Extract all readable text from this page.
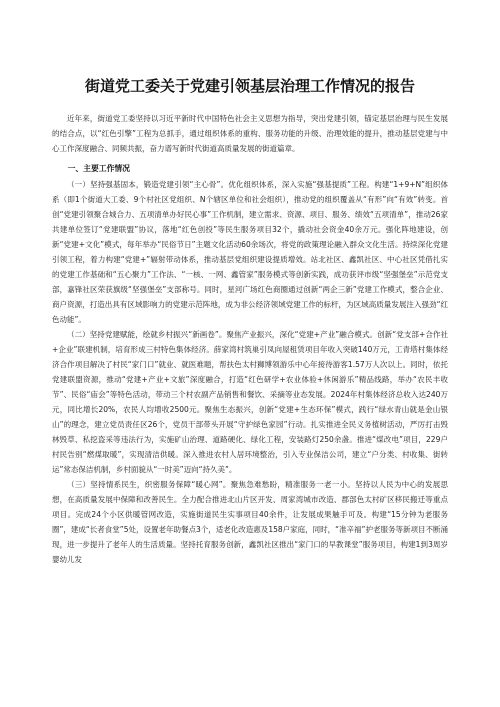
街道党工委关于党建引领基层治理工作情况的报告

近年来，街道党工委坚持以习近平新时代中国特色社会主义思想为指导，突出党建引领，锚定基层治理与民生发展的结合点，以“红色引擎”工程为总抓手，通过组织体系的重构、服务功能的升级、治理效能的提升，推动基层党建与中心工作深度融合、同频共振，奋力谱写新时代街道高质量发展的街道篇章。

一、主要工作情况

（一）坚持强基固本，锻造党建引领“主心骨”。优化组织体系，深入实施“强基提质”工程。构建“1+9+N”组织体系（即1个街道大工委、9个村社区党组织、N个辖区单位和社会组织），推动党的组织覆盖从“有形”向“有效”转变。首创“党建引领聚合城合力、五项清单办好民心事”工作机制，建立需求、资源、项目、服务、绩效“五项清单”，推动26家共建单位签订“党建联盟”协议，落地“红色创投”等民生服务项目32个，撬动社会资金40余万元。强化阵地建设，创新“党建+文化”模式，每年举办“民俗节日”主题文化活动60余场次，将党的政策理论融入群众文化生活。持续深化党建引领工程，着力构建“党建+”辐射带动体系，推动基层党组织建设提质增效。站北社区、鑫凯社区、中心社区凭借扎实的党建工作基础和“五心聚力”工作法、“一核、一网、鑫管家”服务模式等创新实践，成功获评市级“坚强堡垒”示范党支部，嘉锋社区荣获旗级“坚强堡垒”支部称号。同时，星河广场红色商圈通过创新“两企三新”党建工作模式，整合企业、商户资源，打造出具有区域影响力的党建示范阵地，成为非公经济领域党建工作的标杆，为区域高质量发展注入强劲“红色动能”。

（二）坚持党建赋能，绘就乡村振兴“新画卷”。聚焦产业振兴，深化“党建+产业”融合模式。创新“党支部+合作社+企业”联建机制，培育形成三村特色集体经济。薛家湾村筑巢引凤向屋租赁项目年收入突破140万元，工青塔村集体经济合作项目解决了村民“家门口”就业、就医难题，帮扶色太村狮博领游乐中心年接待游客1.57万人次以上。同时，依托党建联盟资源，推动“党建+产业+文旅”深度融合，打造“红色研学+农业体验+休闲游乐”精品线路，举办“农民丰收节”、民俗“庙会”等特色活动，带动三个村农副产品销售和餐饮、采摘等业态发展。2024年村集体经济总收入达240万元，同比增长20%，农民人均增收2500元。聚焦生态振兴，创新“党建+生态环保”模式，践行“绿水青山就是金山银山”的理念，建立党员责任区26个，党员干部带头开展“守护绿色家园”行动。扎实推进全民义务植树活动，严厉打击毁林毁草、私挖盗采等违法行为，实施矿山治理、道路硬化、绿化工程，安装路灯250余盏。推进“煤改电”项目，229户村民告别“燃煤取暖”，实现清洁供暖。深入推进农村人居环境整治，引入专业保洁公司，建立“户分类、村收集、街转运”常态保洁机制，乡村面貌从“一时美”迈向“持久美”。

（三）坚持情系民生，织密服务保障“暖心网”。聚焦急难愁盼，精准服务一老一小。坚持以人民为中心的发展思想，在高质量发展中保障和改善民生。全力配合推进北山片区开发、周家湾城市改造、郡部色太村矿区移民搬迁等重点项目。完成24个小区供暖管网改造，实施街道民生实事项目40余件，让发展成果触手可及。构建“15分钟为老服务圈”，建成“长者食堂”5处，设置老年助餐点3个，适老化改造惠及158户家庭，同时，“准辛福”护老服务等新项目不断涌现，进一步提升了老年人的生活质量。坚持托育服务创新，鑫凯社区推出“家门口的早教课堂”服务项目，构建1到3周岁婴幼儿发
